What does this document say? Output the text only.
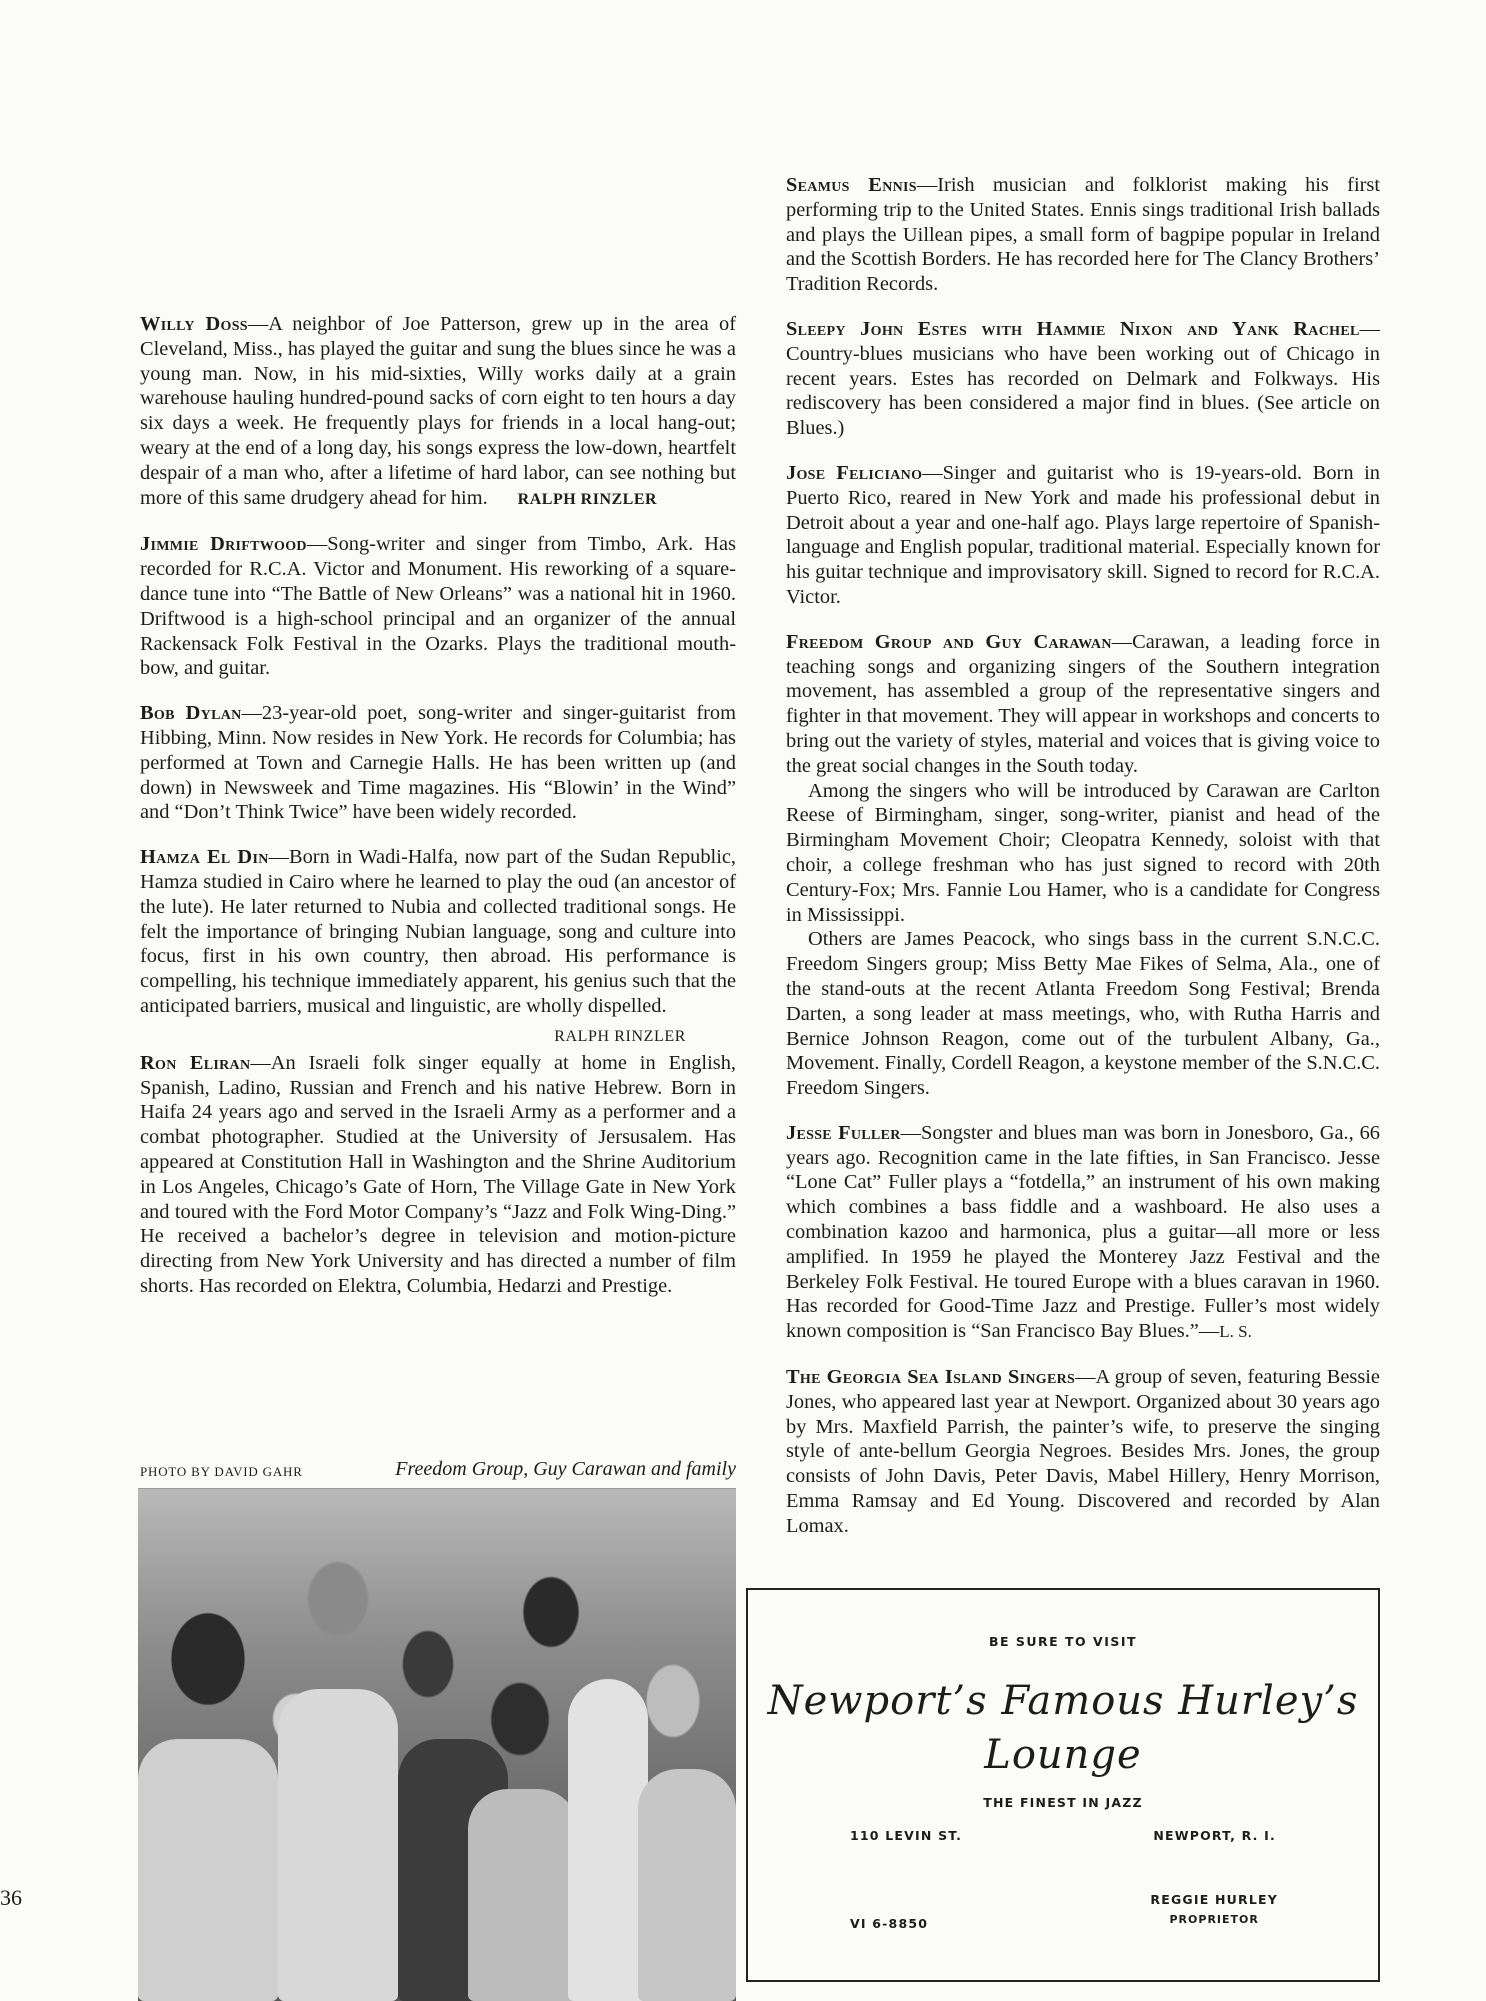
Willy Doss—A neighbor of Joe Patterson, grew up in the area of Cleveland, Miss., has played the guitar and sung the blues since he was a young man. Now, in his mid-sixties, Willy works daily at a grain warehouse hauling hundred-pound sacks of corn eight to ten hours a day six days a week. He frequently plays for friends in a local hang-out; weary at the end of a long day, his songs express the low-down, heartfelt despair of a man who, after a lifetime of hard labor, can see nothing but more of this same drudgery ahead for him. RALPH RINZLER
Jimmie Driftwood—Song-writer and singer from Timbo, Ark. Has recorded for R.C.A. Victor and Monument. His reworking of a square-dance tune into “The Battle of New Orleans” was a national hit in 1960. Driftwood is a high-school principal and an organizer of the annual Rackensack Folk Festival in the Ozarks. Plays the traditional mouth-bow, and guitar.
Bob Dylan—23-year-old poet, song-writer and singer-guitarist from Hibbing, Minn. Now resides in New York. He records for Columbia; has performed at Town and Carnegie Halls. He has been written up (and down) in Newsweek and Time magazines. His “Blowin’ in the Wind” and “Don’t Think Twice” have been widely recorded.
Hamza El Din—Born in Wadi-Halfa, now part of the Sudan Republic, Hamza studied in Cairo where he learned to play the oud (an ancestor of the lute). He later returned to Nubia and collected traditional songs. He felt the importance of bringing Nubian language, song and culture into focus, first in his own country, then abroad. His performance is compelling, his technique immediately apparent, his genius such that the anticipated barriers, musical and linguistic, are wholly dispelled.
RALPH RINZLER
Ron Eliran—An Israeli folk singer equally at home in English, Spanish, Ladino, Russian and French and his native Hebrew. Born in Haifa 24 years ago and served in the Israeli Army as a performer and a combat photographer. Studied at the University of Jersusalem. Has appeared at Constitution Hall in Washington and the Shrine Auditorium in Los Angeles, Chicago’s Gate of Horn, The Village Gate in New York and toured with the Ford Motor Company’s “Jazz and Folk Wing-Ding.” He received a bachelor’s degree in television and motion-picture directing from New York University and has directed a number of film shorts. Has recorded on Elektra, Columbia, Hedarzi and Prestige.
PHOTO BY DAVID GAHR	Freedom Group, Guy Carawan and family
36
Seamus Ennis—Irish musician and folklorist making his first performing trip to the United States. Ennis sings traditional Irish ballads and plays the Uillean pipes, a small form of bagpipe popular in Ireland and the Scottish Borders. He has recorded here for The Clancy Brothers’ Tradition Records.
Sleepy John Estes with Hammie Nixon and Yank Rachel—Country-blues musicians who have been working out of Chicago in recent years. Estes has recorded on Delmark and Folkways. His rediscovery has been considered a major find in blues. (See article on Blues.)
Jose Feliciano—Singer and guitarist who is 19-years-old. Born in Puerto Rico, reared in New York and made his professional debut in Detroit about a year and one-half ago. Plays large repertoire of Spanish-language and English popular, traditional material. Especially known for his guitar technique and improvisatory skill. Signed to record for R.C.A. Victor.
Freedom Group and Guy Carawan—Carawan, a leading force in teaching songs and organizing singers of the Southern integration movement, has assembled a group of the representative singers and fighter in that movement. They will appear in workshops and concerts to bring out the variety of styles, material and voices that is giving voice to the great social changes in the South today.

Among the singers who will be introduced by Carawan are Carlton Reese of Birmingham, singer, song-writer, pianist and head of the Birmingham Movement Choir; Cleopatra Kennedy, soloist with that choir, a college freshman who has just signed to record with 20th Century-Fox; Mrs. Fannie Lou Hamer, who is a candidate for Congress in Mississippi.

Others are James Peacock, who sings bass in the current S.N.C.C. Freedom Singers group; Miss Betty Mae Fikes of Selma, Ala., one of the stand-outs at the recent Atlanta Freedom Song Festival; Brenda Darten, a song leader at mass meetings, who, with Rutha Harris and Bernice Johnson Reagon, come out of the turbulent Albany, Ga., Movement. Finally, Cordell Reagon, a keystone member of the S.N.C.C. Freedom Singers.

Jesse Fuller—Songster and blues man was born in Jonesboro, Ga., 66 years ago. Recognition came in the late fifties, in San Francisco. Jesse “Lone Cat” Fuller plays a “fotdella,” an instrument of his own making which combines a bass fiddle and a washboard. He also uses a combination kazoo and harmonica, plus a guitar—all more or less amplified. In 1959 he played the Monterey Jazz Festival and the Berkeley Folk Festival. He toured Europe with a blues caravan in 1960. Has recorded for Good-Time Jazz and Prestige. Fuller’s most widely known composition is “San Francisco Bay Blues.”—L. S.
The Georgia Sea Island Singers—A group of seven, featuring Bessie Jones, who appeared last year at Newport. Organized about 30 years ago by Mrs. Maxfield Parrish, the painter’s wife, to preserve the singing style of ante-bellum Georgia Negroes. Besides Mrs. Jones, the group consists of John Davis, Peter Davis, Mabel Hillery, Henry Morrison, Emma Ramsay and Ed Young. Discovered and recorded by Alan Lomax.
BE SURE TO VISIT
Newport’s Famous Hurley’s
Lounge
THE FINEST IN JAZZ
110 LEVIN ST.	NEWPORT, R. I.
VI 6-8850
REGGIE HURLEY
PROPRIETOR
